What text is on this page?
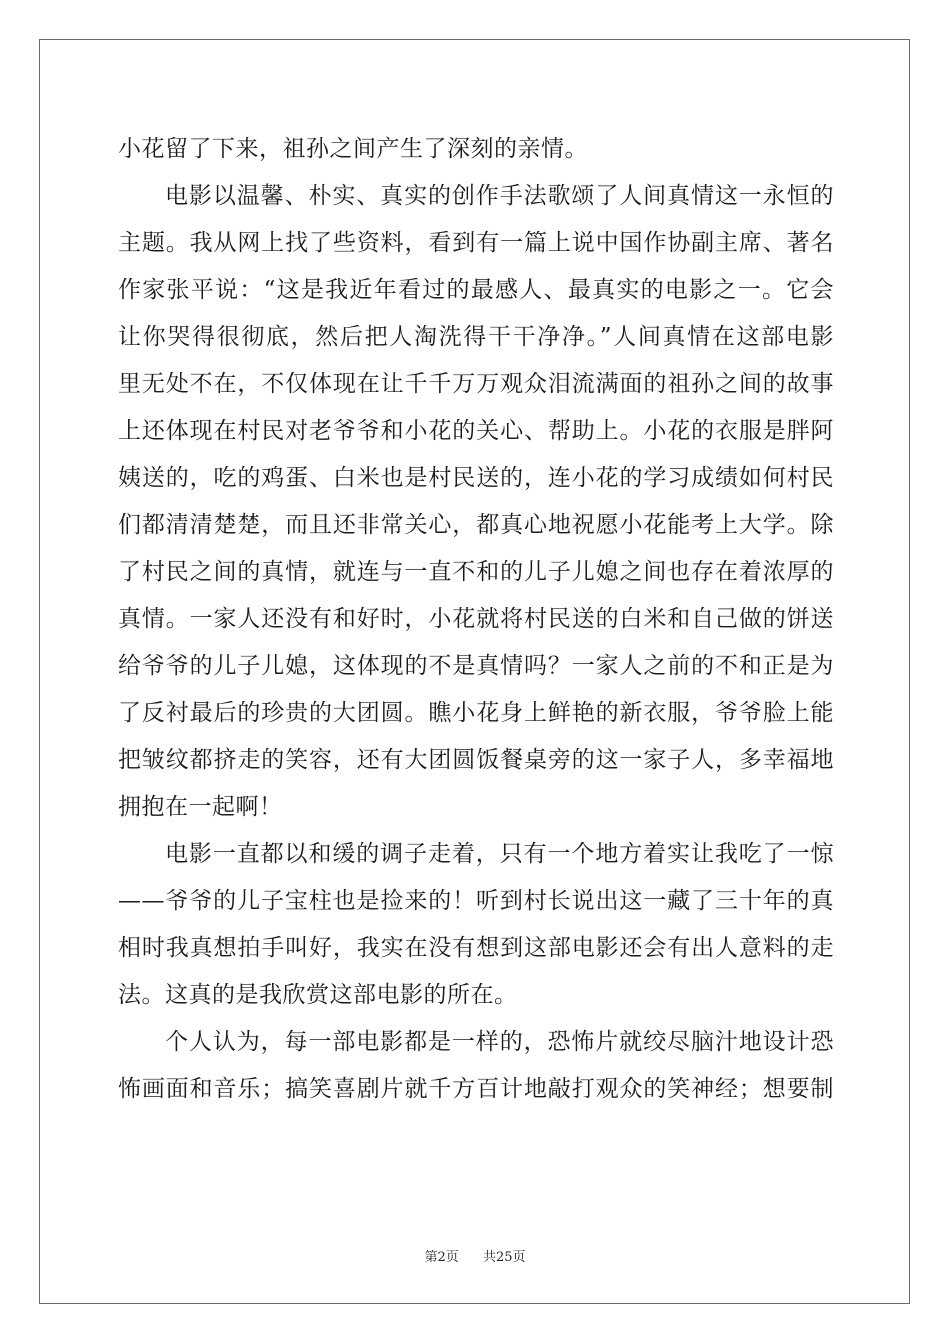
小花留了下来，祖孙之间产生了深刻的亲情。
电影以温馨、朴实、真实的创作手法歌颂了人间真情这一永恒的
主题。我从网上找了些资料，看到有一篇上说中国作协副主席、著名
作家张平说：“这是我近年看过的最感人、最真实的电影之一。它会
让你哭得很彻底，然后把人淘洗得干干净净。”人间真情在这部电影
里无处不在，不仅体现在让千千万万观众泪流满面的祖孙之间的故事
上还体现在村民对老爷爷和小花的关心、帮助上。小花的衣服是胖阿
姨送的，吃的鸡蛋、白米也是村民送的，连小花的学习成绩如何村民
们都清清楚楚，而且还非常关心，都真心地祝愿小花能考上大学。除
了村民之间的真情，就连与一直不和的儿子儿媳之间也存在着浓厚的
真情。一家人还没有和好时，小花就将村民送的白米和自己做的饼送
给爷爷的儿子儿媳，这体现的不是真情吗？一家人之前的不和正是为
了反衬最后的珍贵的大团圆。瞧小花身上鲜艳的新衣服，爷爷脸上能
把皱纹都挤走的笑容，还有大团圆饭餐桌旁的这一家子人，多幸福地
拥抱在一起啊！
电影一直都以和缓的调子走着，只有一个地方着实让我吃了一惊
——爷爷的儿子宝柱也是捡来的！听到村长说出这一藏了三十年的真
相时我真想拍手叫好，我实在没有想到这部电影还会有出人意料的走
法。这真的是我欣赏这部电影的所在。
个人认为，每一部电影都是一样的，恐怖片就绞尽脑汁地设计恐
怖画面和音乐；搞笑喜剧片就千方百计地敲打观众的笑神经；想要制
第2页 共25页
